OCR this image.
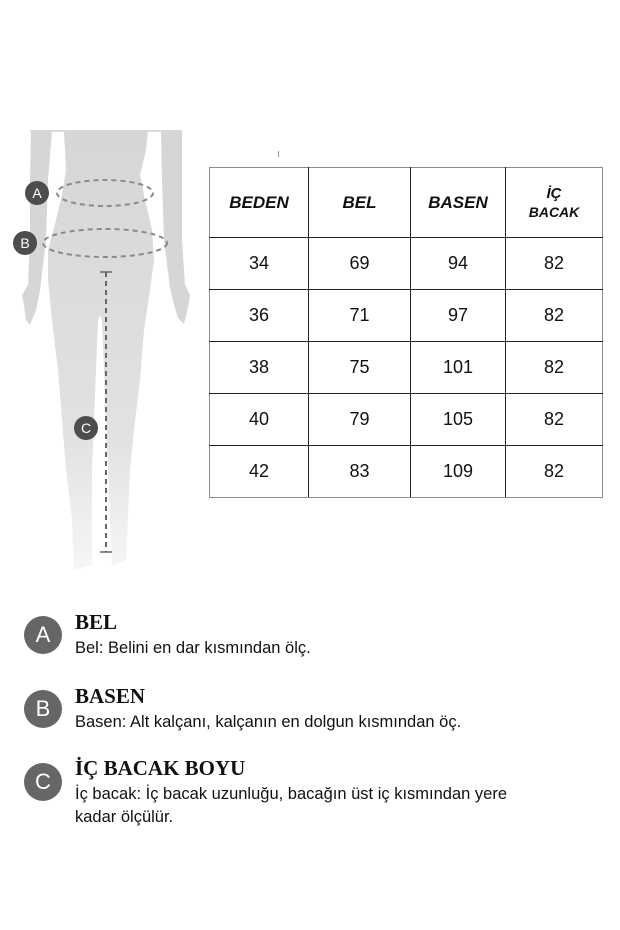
A
B
C
BEDEN	BEL	BASEN	İÇ
BACAK
34	69	94	82
36	71	97	82
38	75	101	82
40	79	105	82
42	83	109	82
A	BEL
Bel: Belini en dar kısmından ölç.
B	BASEN
Basen: Alt kalçanı, kalçanın en dolgun kısmından öç.
C
İÇ BACAK BOYU
İç bacak: İç bacak uzunluğu, bacağın üst iç kısmından yere kadar ölçülür.
